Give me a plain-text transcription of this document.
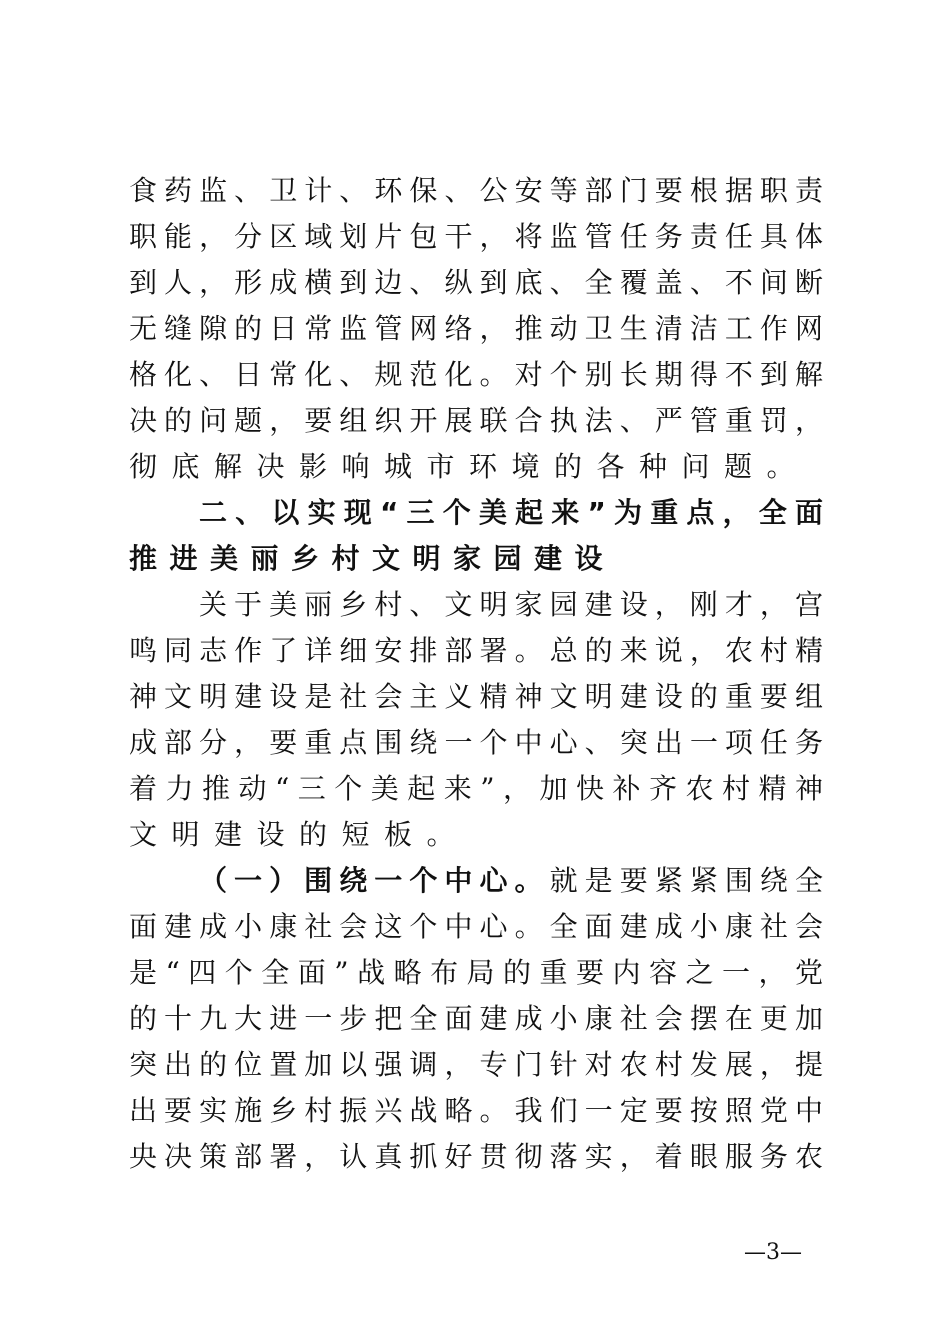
食药监、卫计、环保、公安等部门要根据职责
职能，分区域划片包干，将监管任务责任具体
到人，形成横到边、纵到底、全覆盖、不间断
无缝隙的日常监管网络，推动卫生清洁工作网
格化、日常化、规范化。对个别长期得不到解
决的问题，要组织开展联合执法、严管重罚，
彻底解决影响城市环境的各种问题。
二、以实现“三个美起来”为重点，全面
推进美丽乡村文明家园建设
关于美丽乡村、文明家园建设，刚才，宫
鸣同志作了详细安排部署。总的来说，农村精
神文明建设是社会主义精神文明建设的重要组
成部分，要重点围绕一个中心、突出一项任务
着力推动“三个美起来”，加快补齐农村精神
文明建设的短板。
（一）围绕一个中心。就是要紧紧围绕全
面建成小康社会这个中心。全面建成小康社会
是“四个全面”战略布局的重要内容之一，党
的十九大进一步把全面建成小康社会摆在更加
突出的位置加以强调，专门针对农村发展，提
出要实施乡村振兴战略。我们一定要按照党中
央决策部署，认真抓好贯彻落实，着眼服务农
—3—
